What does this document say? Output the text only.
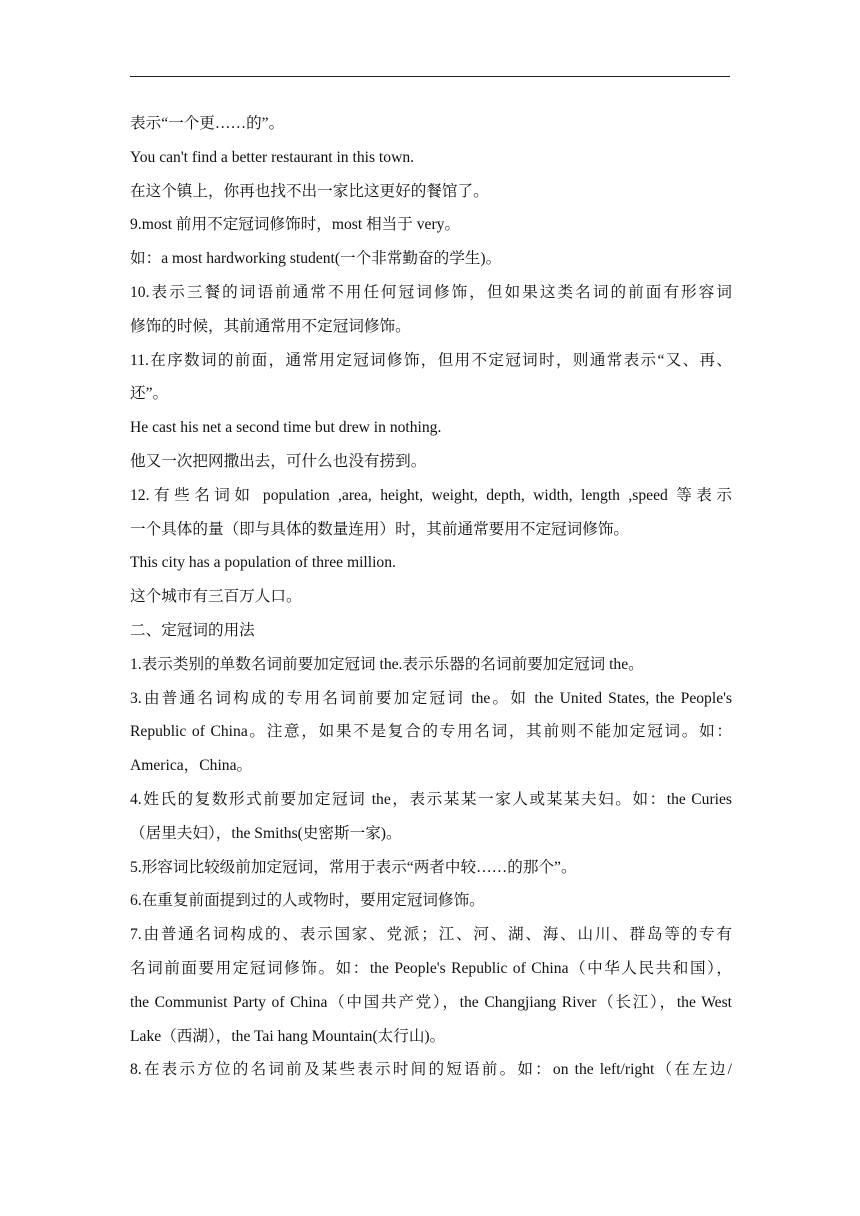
表示“一个更……的”。
You can't find a better restaurant in this town.
在这个镇上，你再也找不出一家比这更好的餐馆了。
9.most 前用不定冠词修饰时，most 相当于 very。
如：a most hardworking student(一个非常勤奋的学生)。
10.表示三餐的词语前通常不用任何冠词修饰，但如果这类名词的前面有形容词
修饰的时候，其前通常用不定冠词修饰。
11.在序数词的前面，通常用定冠词修饰，但用不定冠词时，则通常表示“又、再、
还”。
He cast his net a second time but drew in nothing.
他又一次把网撒出去，可什么也没有捞到。
12.有些名词如 population ,area, height, weight, depth, width, length ,speed 等表示
一个具体的量（即与具体的数量连用）时，其前通常要用不定冠词修饰。
This city has a population of three million.
这个城市有三百万人口。
二、定冠词的用法
1.表示类别的单数名词前要加定冠词 the.表示乐器的名词前要加定冠词 the。
3.由普通名词构成的专用名词前要加定冠词 the。如 the United States, the People's
Republic of China。注意，如果不是复合的专用名词，其前则不能加定冠词。如：
America，China。
4.姓氏的复数形式前要加定冠词 the，表示某某一家人或某某夫妇。如：the Curies
（居里夫妇），the Smiths(史密斯一家)。
5.形容词比较级前加定冠词，常用于表示“两者中较……的那个”。
6.在重复前面提到过的人或物时，要用定冠词修饰。
7.由普通名词构成的、表示国家、党派；江、河、湖、海、山川、群岛等的专有
名词前面要用定冠词修饰。如：the People's Republic of China（中华人民共和国），
the Communist Party of China（中国共产党），the Changjiang River（长江），the West
Lake（西湖），the Tai hang Mountain(太行山)。
8.在表示方位的名词前及某些表示时间的短语前。如：on the left/right（在左边/
